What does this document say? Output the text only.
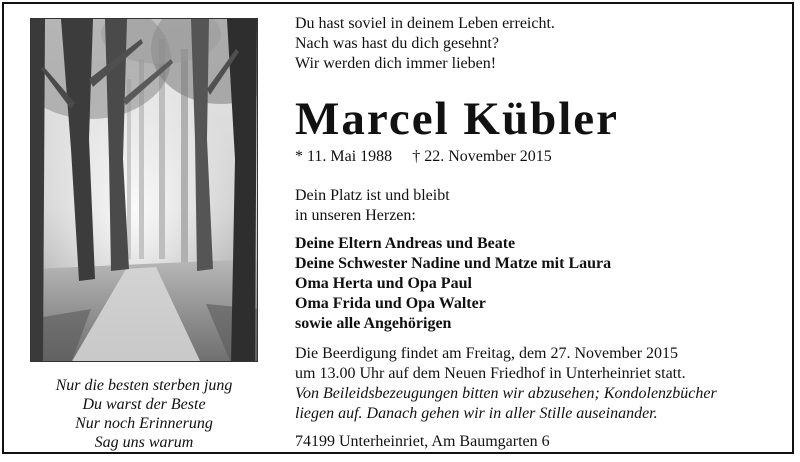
Nur die besten sterben jung
Du warst der Beste
Nur noch Erinnerung
Sag uns warum
Du hast soviel in deinem Leben erreicht.
Nach was hast du dich gesehnt?
Wir werden dich immer lieben!
Marcel Kübler
* 11. Mai 1988 † 22. November 2015
Dein Platz ist und bleibt
in unseren Herzen:
Deine Eltern Andreas und Beate
Deine Schwester Nadine und Matze mit Laura
Oma Herta und Opa Paul
Oma Frida und Opa Walter
sowie alle Angehörigen
Die Beerdigung findet am Freitag, dem 27. November 2015
um 13.00 Uhr auf dem Neuen Friedhof in Unterheinriet statt.
Von Beileidsbezeugungen bitten wir abzusehen; Kondolenzbücher
liegen auf. Danach gehen wir in aller Stille auseinander.
74199 Unterheinriet, Am Baumgarten 6
